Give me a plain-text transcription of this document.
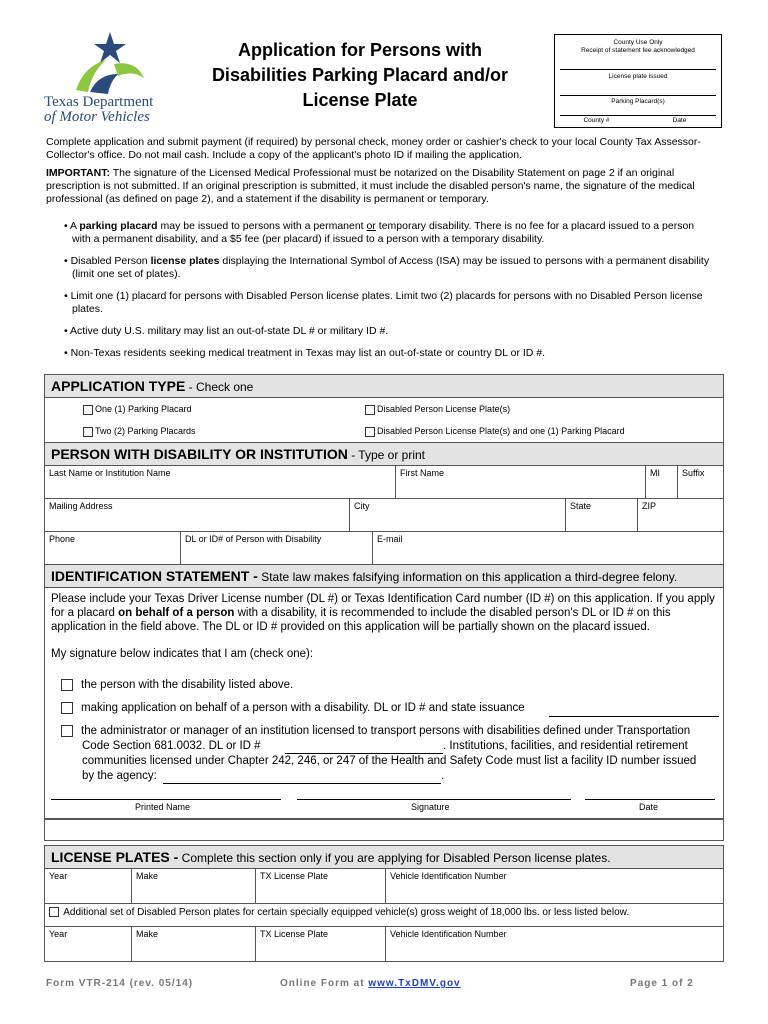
Texas Department
of Motor Vehicles
Application for Persons with
Disabilities Parking Placard and/or
License Plate
County Use Only
Receipt of statement fee acknowledged
License plate issued
Parking Placard(s)
County #	Date

Complete application and submit payment (if required) by personal check, money order or cashier's check to your local County Tax Assessor-Collector's office. Do not mail cash. Include a copy of the applicant's photo ID if mailing the application.

IMPORTANT: The signature of the Licensed Medical Professional must be notarized on the Disability Statement on page 2 if an original prescription is not submitted. If an original prescription is submitted, it must include the disabled person's name, the signature of the medical professional (as defined on page 2), and a statement if the disability is permanent or temporary.

• A parking placard may be issued to persons with a permanent or temporary disability. There is no fee for a placard issued to a person with a permanent disability, and a $5 fee (per placard) if issued to a person with a temporary disability.
• Disabled Person license plates displaying the International Symbol of Access (ISA) may be issued to persons with a permanent disability (limit one set of plates).
• Limit one (1) placard for persons with Disabled Person license plates. Limit two (2) placards for persons with no Disabled Person license plates.
• Active duty U.S. military may list an out-of-state DL # or military ID #.
• Non-Texas residents seeking medical treatment in Texas may list an out-of-state or country DL or ID #.
APPLICATION TYPE - Check one
One (1) Parking Placard
Two (2) Parking Placards
Disabled Person License Plate(s)
Disabled Person License Plate(s) and one (1) Parking Placard
PERSON WITH DISABILITY OR INSTITUTION - Type or print
Last Name or Institution Name	First Name	MI	Suffix
Mailing Address	City	State	ZIP
Phone	DL or ID# of Person with Disability	E-mail
IDENTIFICATION STATEMENT - State law makes falsifying information on this application a third-degree felony.
Please include your Texas Driver License number (DL #) or Texas Identification Card number (ID #) on this application. If you apply for a placard on behalf of a person with a disability, it is recommended to include the disabled person's DL or ID # on this application in the field above. The DL or ID # provided on this application will be partially shown on the placard issued.
My signature below indicates that I am (check one):
the person with the disability listed above.
making application on behalf of a person with a disability. DL or ID # and state issuance
the administrator or manager of an institution licensed to transport persons with disabilities defined under Transportation
Code Section 681.0032. DL or ID #	. Institutions, facilities, and residential retirement
communities licensed under Chapter 242, 246, or 247 of the Health and Safety Code must list a facility ID number issued
by the agency:	.
Printed Name	Signature	Date
LICENSE PLATES - Complete this section only if you are applying for Disabled Person license plates.
Year	Make	TX License Plate	Vehicle Identification Number
Additional set of Disabled Person plates for certain specially equipped vehicle(s) gross weight of 18,000 lbs. or less listed below.
Year	Make	TX License Plate	Vehicle Identification Number
Form VTR-214 (rev. 05/14)	Online Form at www.TxDMV.gov	Page 1 of 2
